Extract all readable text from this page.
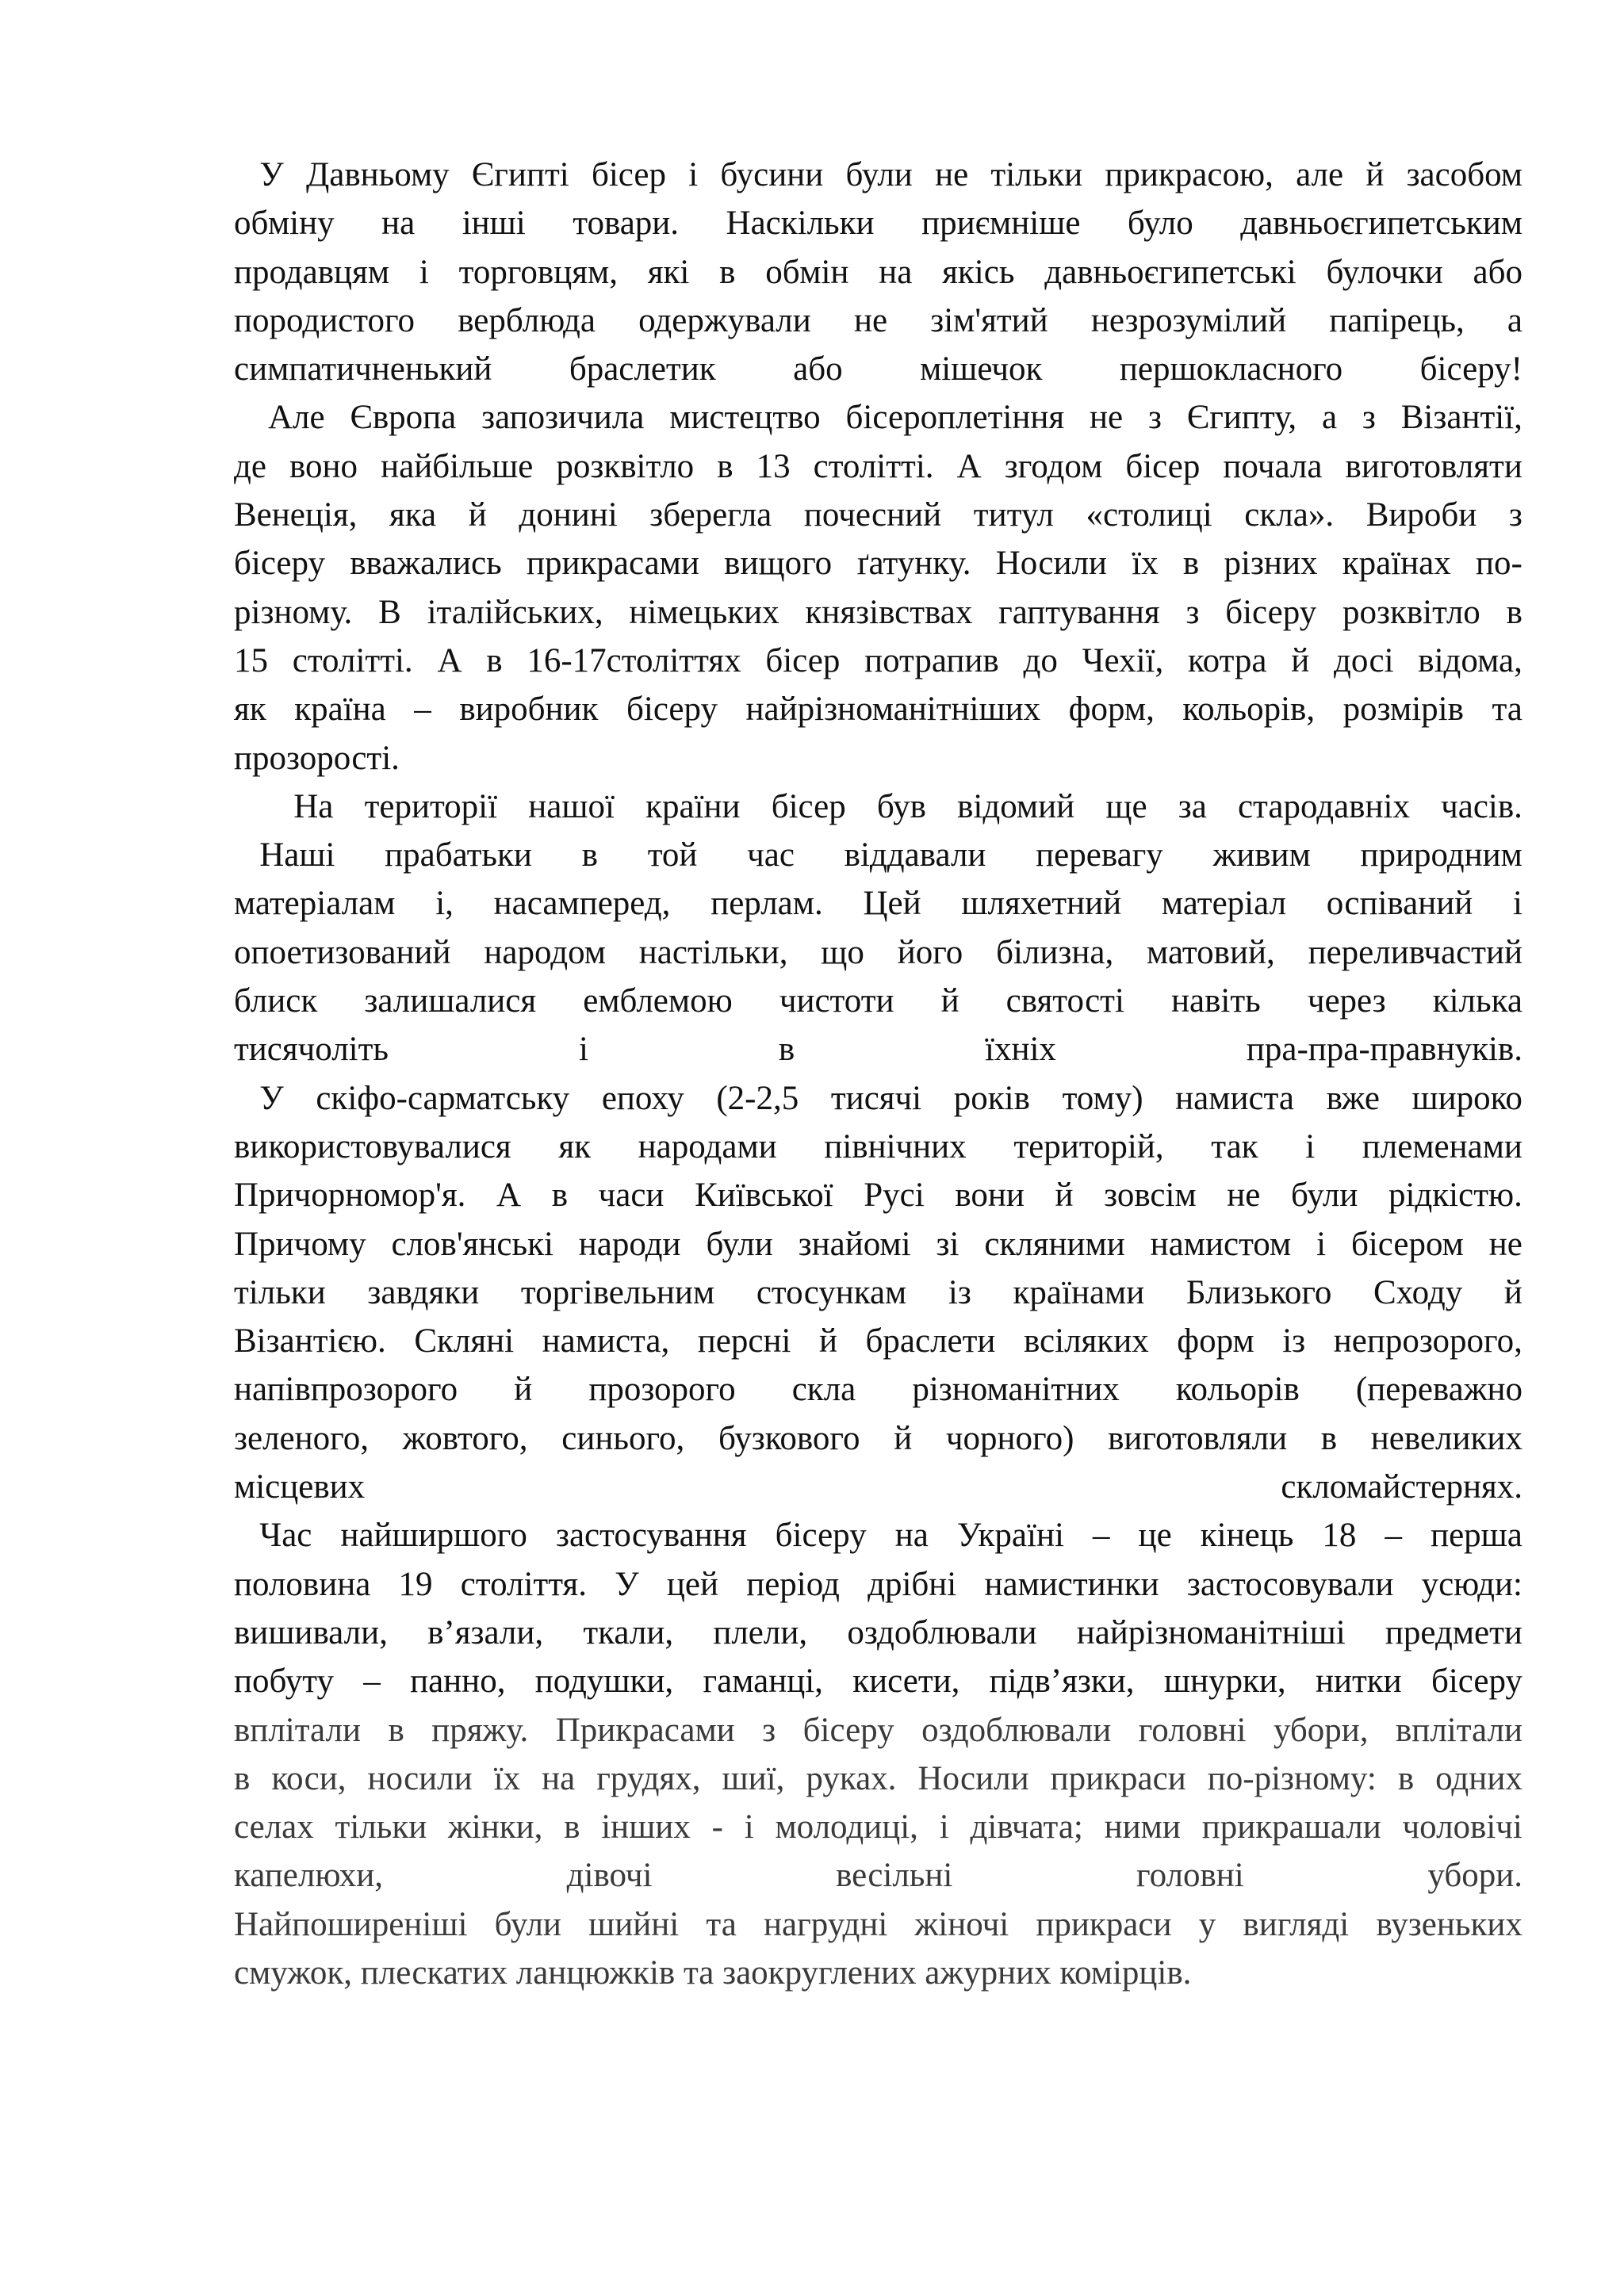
У Давньому Єгипті бісер і бусини були не тільки прикрасою, але й засобом
обміну на інші товари. Наскільки приємніше було давньоєгипетським
продавцям і торговцям, які в обмін на якісь давньоєгипетські булочки або
породистого верблюда одержували не зім'ятий незрозумілий папірець, а
симпатичненький браслетик або мішечок першокласного бісеру!
Але Європа запозичила мистецтво бісероплетіння не з Єгипту, а з Візантії,
де воно найбільше розквітло в 13 столітті. А згодом бісер почала виготовляти
Венеція, яка й донині зберегла почесний титул «столиці скла». Вироби з
бісеру вважались прикрасами вищого ґатунку. Носили їх в різних країнах по-
різному. В італійських, німецьких князівствах гаптування з бісеру розквітло в
15 столітті. А в 16-17століттях бісер потрапив до Чехії, котра й досі відома,
як країна – виробник бісеру найрізноманітніших форм, кольорів, розмірів та
прозорості.
На території нашої країни бісер був відомий ще за стародавніх часів.
Наші прабатьки в той час віддавали перевагу живим природним
матеріалам і, насамперед, перлам. Цей шляхетний матеріал оспіваний і
опоетизований народом настільки, що його білизна, матовий, переливчастий
блиск залишалися емблемою чистоти й святості навіть через кілька
тисячоліть	і	в	їхніх	пра-пра-правнуків.
У скіфо-сарматську епоху (2-2,5 тисячі років тому) намиста вже широко
використовувалися як народами північних територій, так і племенами
Причорномор'я. А в часи Київської Русі вони й зовсім не були рідкістю.
Причому слов'янські народи були знайомі зі скляними намистом і бісером не
тільки завдяки торгівельним стосункам із країнами Близького Сходу й
Візантією. Скляні намиста, персні й браслети всіляких форм із непрозорого,
напівпрозорого й прозорого скла різноманітних кольорів (переважно
зеленого, жовтого, синього, бузкового й чорного) виготовляли в невеликих
місцевих	скломайстернях.
Час найширшого застосування бісеру на Україні – це кінець 18 – перша
половина 19 століття. У цей період дрібні намистинки застосовували усюди:
вишивали, в’язали, ткали, плели, оздоблювали найрізноманітніші предмети
побуту – панно, подушки, гаманці, кисети, підв’язки, шнурки, нитки бісеру
вплітали в пряжу. Прикрасами з бісеру оздоблювали головні убори, вплітали
в коси, носили їх на грудях, шиї, руках. Носили прикраси по-різному: в одних
селах тільки жінки, в інших - і молодиці, і дівчата; ними прикрашали чоловічі
капелюхи,	дівочі	весільні	головні	убори.
Найпоширеніші були шийні та нагрудні жіночі прикраси у вигляді вузеньких
смужок, плескатих ланцюжків та заокруглених ажурних комірців.
